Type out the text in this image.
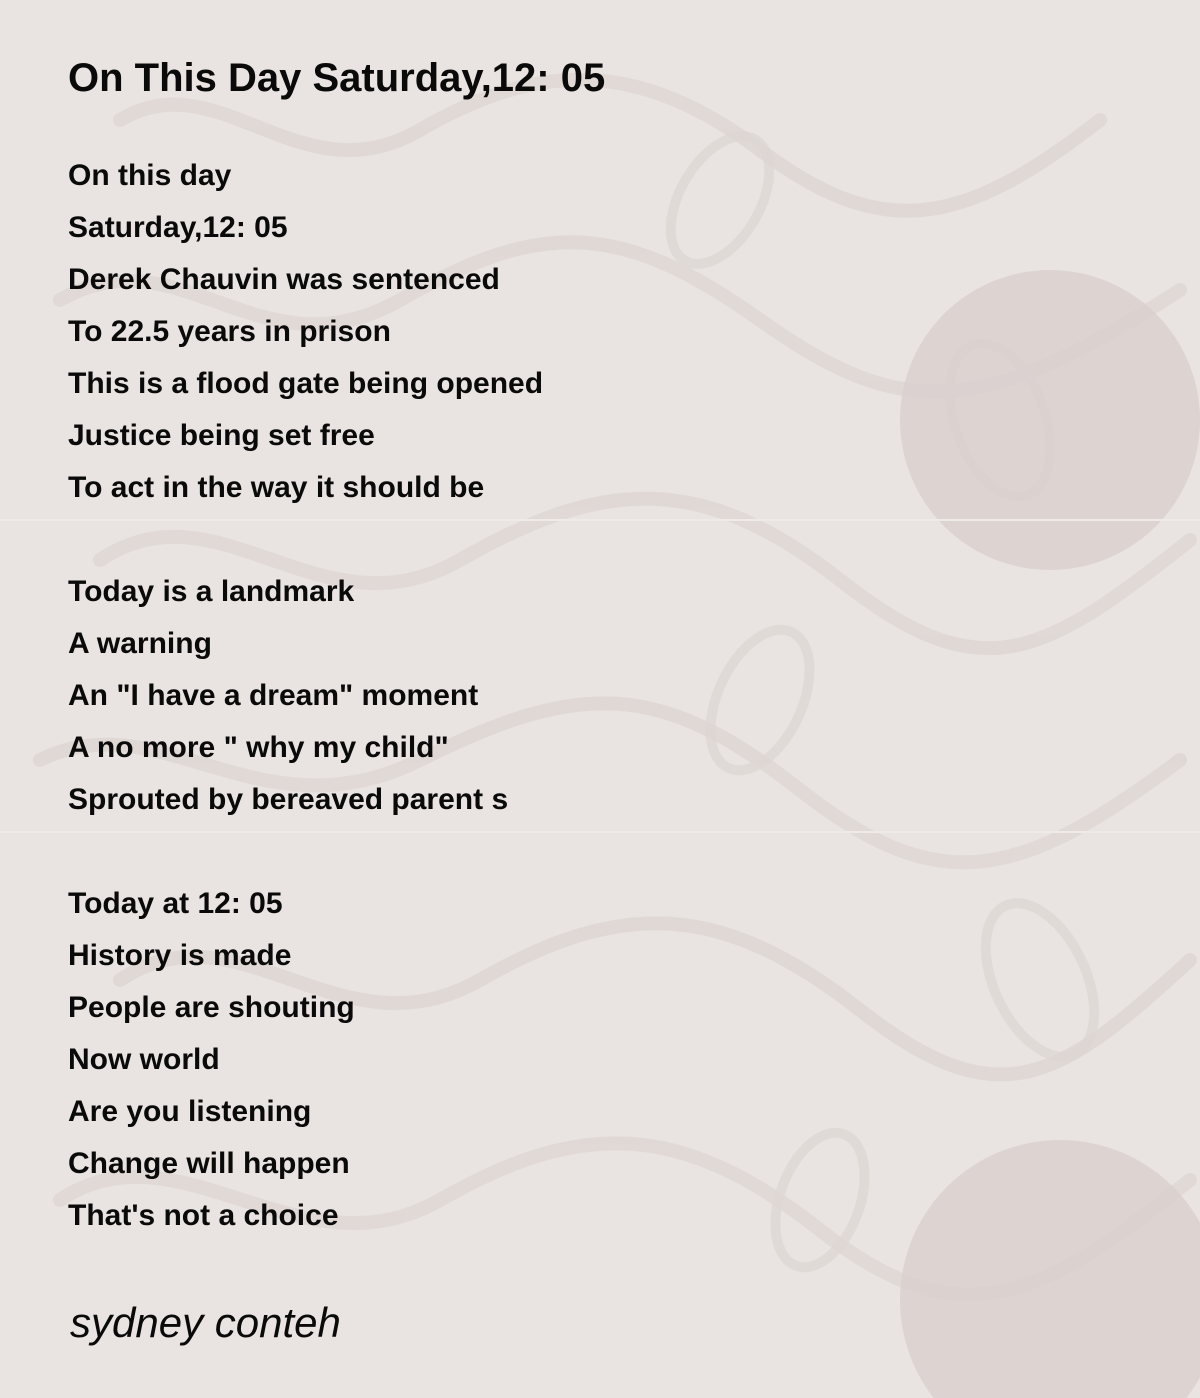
On This Day Saturday,12: 05
On this day
Saturday,12: 05
Derek Chauvin was sentenced
To 22.5 years in prison
This is a flood gate being opened
Justice being set free
To act in the way it should be
Today is a landmark
A warning
An "I have a dream" moment
A no more " why my child"
Sprouted by bereaved parent s
Today at 12: 05
History is made
People are shouting
Now world
Are you listening
Change will happen
That's not a choice
sydney conteh
